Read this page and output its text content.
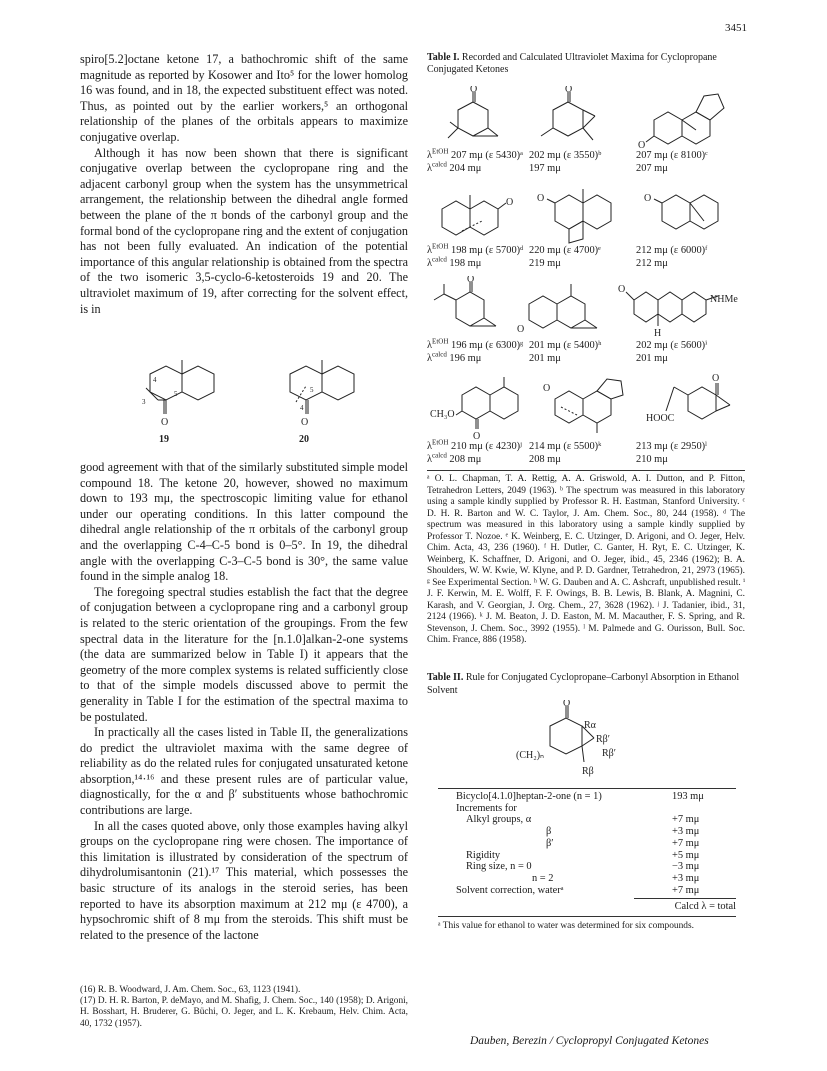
3451

spiro[5.2]octane ketone 17, a bathochromic shift of the same magnitude as reported by Kosower and Ito⁵ for the lower homolog 16 was found, and in 18, the expected substituent effect was noted. Thus, as pointed out by the earlier workers,⁵ an orthogonal relationship of the planes of the orbitals appears to maximize conjugative overlap.

Although it has now been shown that there is significant conjugative overlap between the cyclopropane ring and the adjacent carbonyl group when the system has the unsymmetrical arrangement, the relationship between the dihedral angle formed between the plane of the π bonds of the carbonyl group and the formal bond of the cyclopropane ring and the extent of conjugation has not been fully evaluated. An indication of the potential importance of this angular relationship is obtained from the spectra of the two isomeric 3,5-cyclo-6-ketosteroids 19 and 20. The ultraviolet maximum of 19, after correcting for the solvent effect, is in

O	O
4
5
3
5
4
19	20

good agreement with that of the similarly substituted simple model compound 18. The ketone 20, however, showed no maximum down to 193 mμ, the spectroscopic limiting value for ethanol under our operating conditions. In this latter compound the dihedral angle relationship of the π orbitals of the carbonyl group and the overlapping C-4–C-5 bond is 0–5°. In 19, the dihedral angle with the overlapping C-3–C-5 bond is 30°, the same value found in the simple analog 18.

The foregoing spectral studies establish the fact that the degree of conjugation between a cyclopropane ring and a carbonyl group is related to the steric orientation of the groupings. From the few spectral data in the literature for the [n.1.0]alkan-2-one systems (the data are summarized below in Table I) it appears that the geometry of the more complex systems is related sufficiently close to that of the simple models discussed above to permit the generality in Table I for the estimation of the spectral maxima to be postulated.

In practically all the cases listed in Table II, the generalizations do predict the ultraviolet maxima with the same degree of reliability as do the related rules for conjugated unsaturated ketone absorption,¹⁴·¹⁶ and these present rules are of particular value, diagnostically, for the α and β′ substituents whose bathochromic contributions are large.

In all the cases quoted above, only those examples having alkyl groups on the cyclopropane ring were chosen. The importance of this limitation is illustrated by consideration of the spectrum of dihydrolumisantonin (21).¹⁷ This material, which possesses the basic structure of its analogs in the steroid series, has been reported to have its absorption maximum at 212 mμ (ε 4700), a hypsochromic shift of 8 mμ from the steroids. This shift must be related to the presence of the lactone

(16) R. B. Woodward, J. Am. Chem. Soc., 63, 1123 (1941).

(17) D. H. R. Barton, P. deMayo, and M. Shafig, J. Chem. Soc., 140 (1958); D. Arigoni, H. Bosshart, H. Bruderer, G. Büchi, O. Jeger, and L. K. Krebaum, Helv. Chim. Acta, 40, 1732 (1957).

Table I. Recorded and Calculated Ultraviolet Maxima for Cyclopropane Conjugated Ketones
O	O
O
$\lambda^{EtOH}$ 207 mμ (ε 5430)ᵃ 202 mμ (ε 3550)ᵇ	207 mμ (ε 8100)ᶜ
$\lambda^{calcd}$ 204 mμ	197 mμ	207 mμ
O O	O
$\lambda^{EtOH}$ 198 mμ (ε 5700)ᵈ 220 mμ (ε 4700)ᵉ	212 mμ (ε 6000)ᶠ
$\lambda^{calcd}$ 198 mμ	219 mμ	212 mμ
O
O
O
NHMe
H
$\lambda^{EtOH}$ 196 mμ (ε 6300)ᵍ 201 mμ (ε 5400)ʰ	202 mμ (ε 5600)ⁱ
$\lambda^{calcd}$ 196 mμ	201 mμ	201 mμ
CH₃O
O
O
O
HOOC
$\lambda^{EtOH}$ 210 mμ (ε 4230)ʲ 214 mμ (ε 5500)ᵏ	213 mμ (ε 2950)ˡ
$\lambda^{calcd}$ 208 mμ	208 mμ	210 mμ

ᵃ O. L. Chapman, T. A. Rettig, A. A. Griswold, A. I. Dutton, and P. Fitton, Tetrahedron Letters, 2049 (1963). ᵇ The spectrum was measured in this laboratory using a sample kindly supplied by Professor R. H. Eastman, Stanford University. ᶜ D. H. R. Barton and W. C. Taylor, J. Am. Chem. Soc., 80, 244 (1958). ᵈ The spectrum was measured in this laboratory using a sample kindly supplied by Professor T. Nozoe. ᵉ K. Weinberg, E. C. Utzinger, D. Arigoni, and O. Jeger, Helv. Chim. Acta, 43, 236 (1960). ᶠ H. Dutler, C. Ganter, H. Ryt, E. C. Utzinger, K. Weinberg, K. Schaffner, D. Arigoni, and O. Jeger, ibid., 45, 2346 (1962); B. A. Shoulders, W. W. Kwie, W. Klyne, and P. D. Gardner, Tetrahedron, 21, 2973 (1965). ᵍ See Experimental Section. ʰ W. G. Dauben and A. C. Ashcraft, unpublished result. ⁱ J. F. Kerwin, M. E. Wolff, F. F. Owings, B. B. Lewis, B. Blank, A. Magnini, C. Karash, and V. Georgian, J. Org. Chem., 27, 3628 (1962). ʲ J. Tadanier, ibid., 31, 2124 (1966). ᵏ J. M. Beaton, J. D. Easton, M. M. Macauther, F. S. Spring, and R. Stevenson, J. Chem. Soc., 3992 (1955). ˡ M. Palmede and G. Ourisson, Bull. Soc. Chim. France, 886 (1958).

Table II. Rule for Conjugated Cyclopropane–Carbonyl Absorption in Ethanol Solvent
O
Rα
Rβ′
Rβ′
Rβ
(CH₂)ₙ
Bicyclo[4.1.0]heptan-2-one (n = 1)	193 mμ
Increments for
Alkyl groups, α	+7 mμ
β	+3 mμ
β′	+7 mμ
Rigidity	+5 mμ
Ring size, n = 0	−3 mμ
n = 2	+3 mμ
Solvent correction, waterᵃ	+7 mμ
Calcd λ = total
ᵃ This value for ethanol to water was determined for six compounds.
Dauben, Berezin / Cyclopropyl Conjugated Ketones
